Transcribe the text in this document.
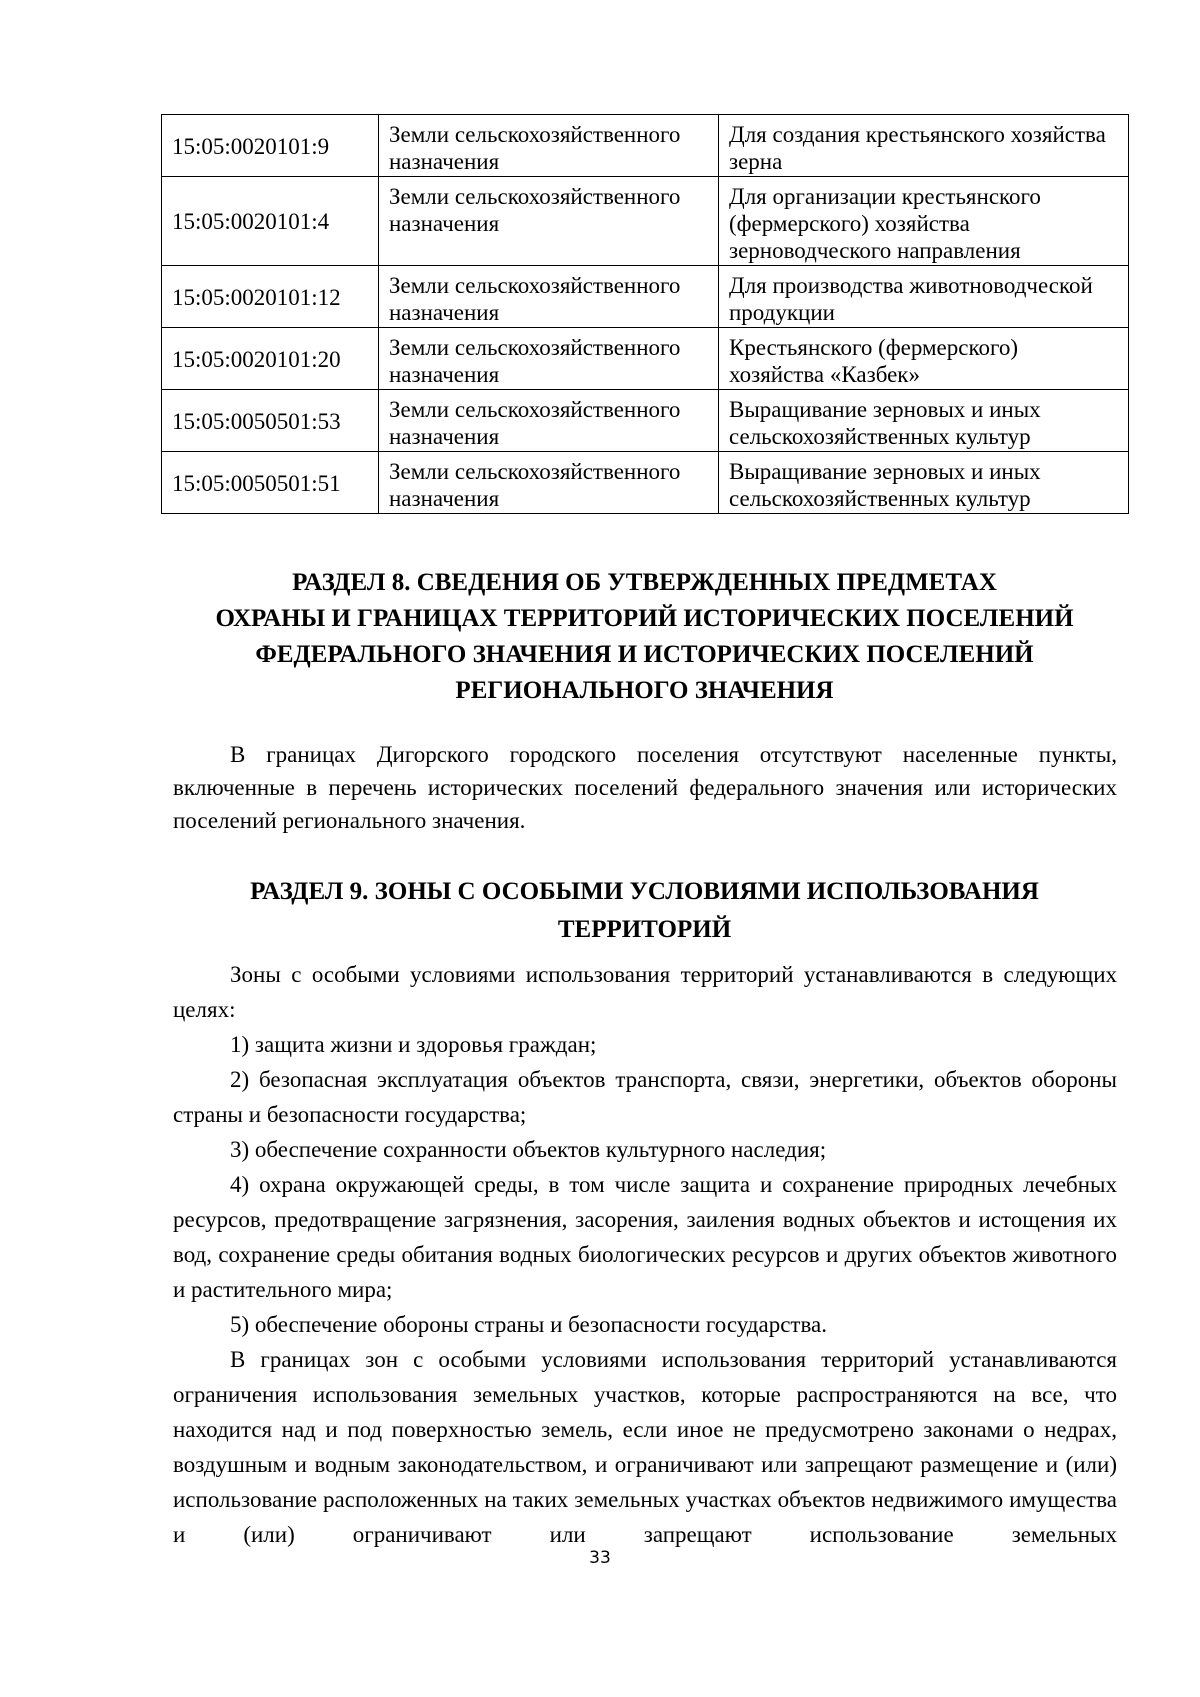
15:05:0020101:9	Земли сельскохозяйственного назначения	Для создания крестьянского хозяйства зерна
15:05:0020101:4	Земли сельскохозяйственного назначения	Для организации крестьянского (фермерского) хозяйства зерноводческого направления
15:05:0020101:12	Земли сельскохозяйственного назначения	Для производства животноводческой продукции
15:05:0020101:20	Земли сельскохозяйственного назначения	Крестьянского (фермерского) хозяйства «Казбек»
15:05:0050501:53	Земли сельскохозяйственного назначения	Выращивание зерновых и иных сельскохозяйственных культур
15:05:0050501:51	Земли сельскохозяйственного назначения	Выращивание зерновых и иных сельскохозяйственных культур
РАЗДЕЛ 8. СВЕДЕНИЯ ОБ УТВЕРЖДЕННЫХ ПРЕДМЕТАХ
ОХРАНЫ И ГРАНИЦАХ ТЕРРИТОРИЙ ИСТОРИЧЕСКИХ ПОСЕЛЕНИЙ
ФЕДЕРАЛЬНОГО ЗНАЧЕНИЯ И ИСТОРИЧЕСКИХ ПОСЕЛЕНИЙ
РЕГИОНАЛЬНОГО ЗНАЧЕНИЯ

В границах Дигорского городского поселения отсутствуют населенные пункты, включенные в перечень исторических поселений федерального значения или исторических поселений регионального значения.

РАЗДЕЛ 9. ЗОНЫ С ОСОБЫМИ УСЛОВИЯМИ ИСПОЛЬЗОВАНИЯ
ТЕРРИТОРИЙ

Зоны с особыми условиями использования территорий устанавливаются в следующих целях:

1) защита жизни и здоровья граждан;

2) безопасная эксплуатация объектов транспорта, связи, энергетики, объектов обороны страны и безопасности государства;

3) обеспечение сохранности объектов культурного наследия;

4) охрана окружающей среды, в том числе защита и сохранение природных лечебных ресурсов, предотвращение загрязнения, засорения, заиления водных объектов и истощения их вод, сохранение среды обитания водных биологических ресурсов и других объектов животного и растительного мира;

5) обеспечение обороны страны и безопасности государства.

В границах зон с особыми условиями использования территорий устанавливаются ограничения использования земельных участков, которые распространяются на все, что находится над и под поверхностью земель, если иное не предусмотрено законами о недрах, воздушным и водным законодательством, и ограничивают или запрещают размещение и (или) использование расположенных на таких земельных участках объектов недвижимого имущества и (или) ограничивают или запрещают использование земельных

33
